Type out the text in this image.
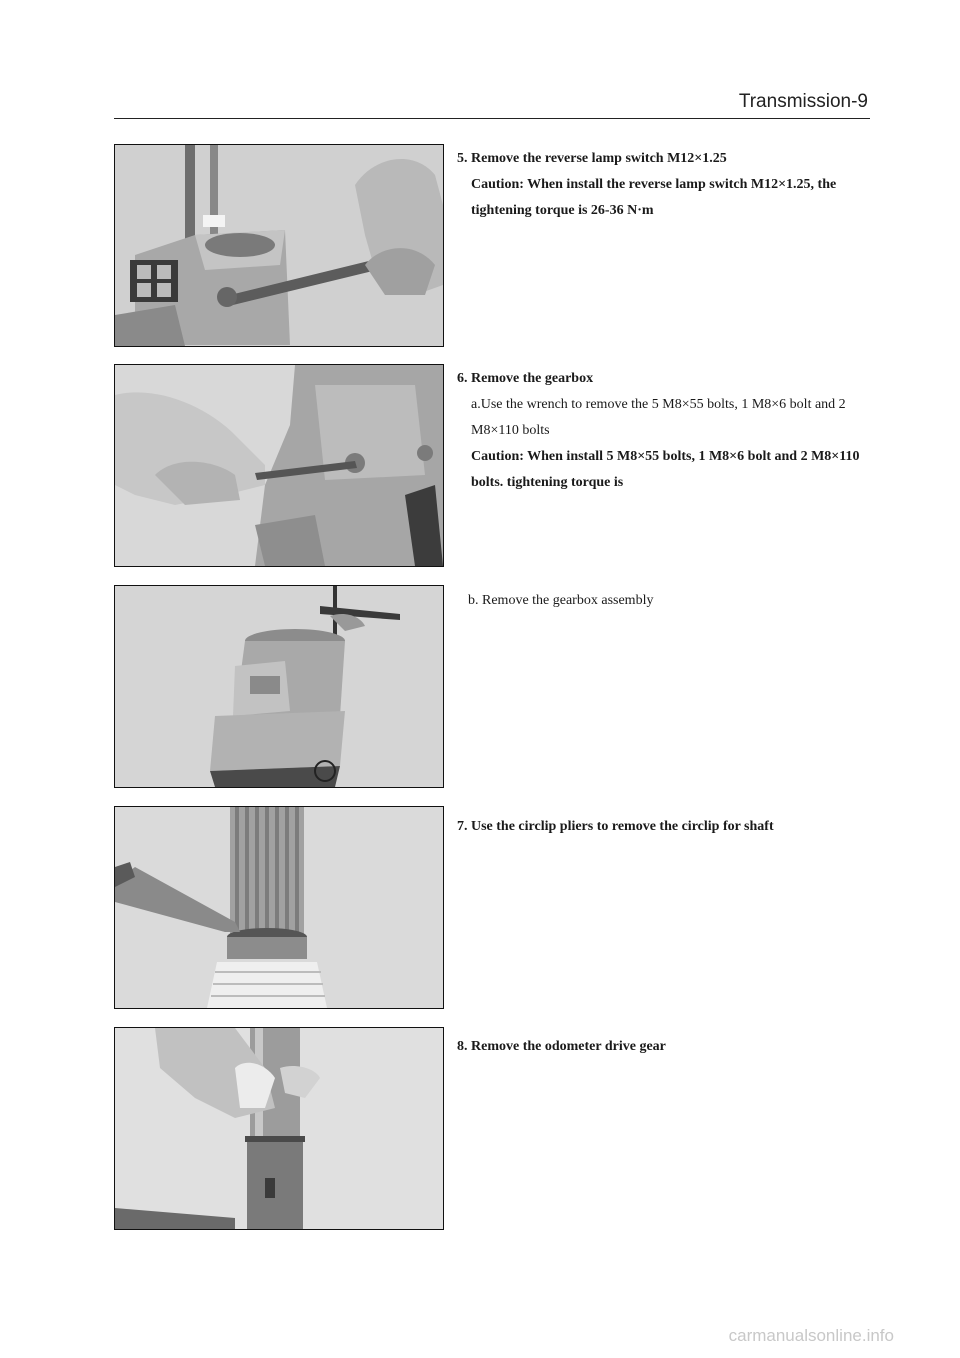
Transmission-9
5. Remove the reverse lamp switch M12×1.25
Caution: When install the reverse lamp switch M12×1.25, the
tightening torque is 26-36 N·m
6. Remove the gearbox
a.Use the wrench to remove the 5 M8×55 bolts, 1 M8×6 bolt and 2
M8×110 bolts
Caution: When install 5 M8×55 bolts, 1 M8×6 bolt and 2 M8×110
bolts. tightening torque is
b. Remove the gearbox assembly
7. Use the circlip pliers to remove the circlip for shaft
8. Remove the odometer drive gear
carmanualsonline.info
